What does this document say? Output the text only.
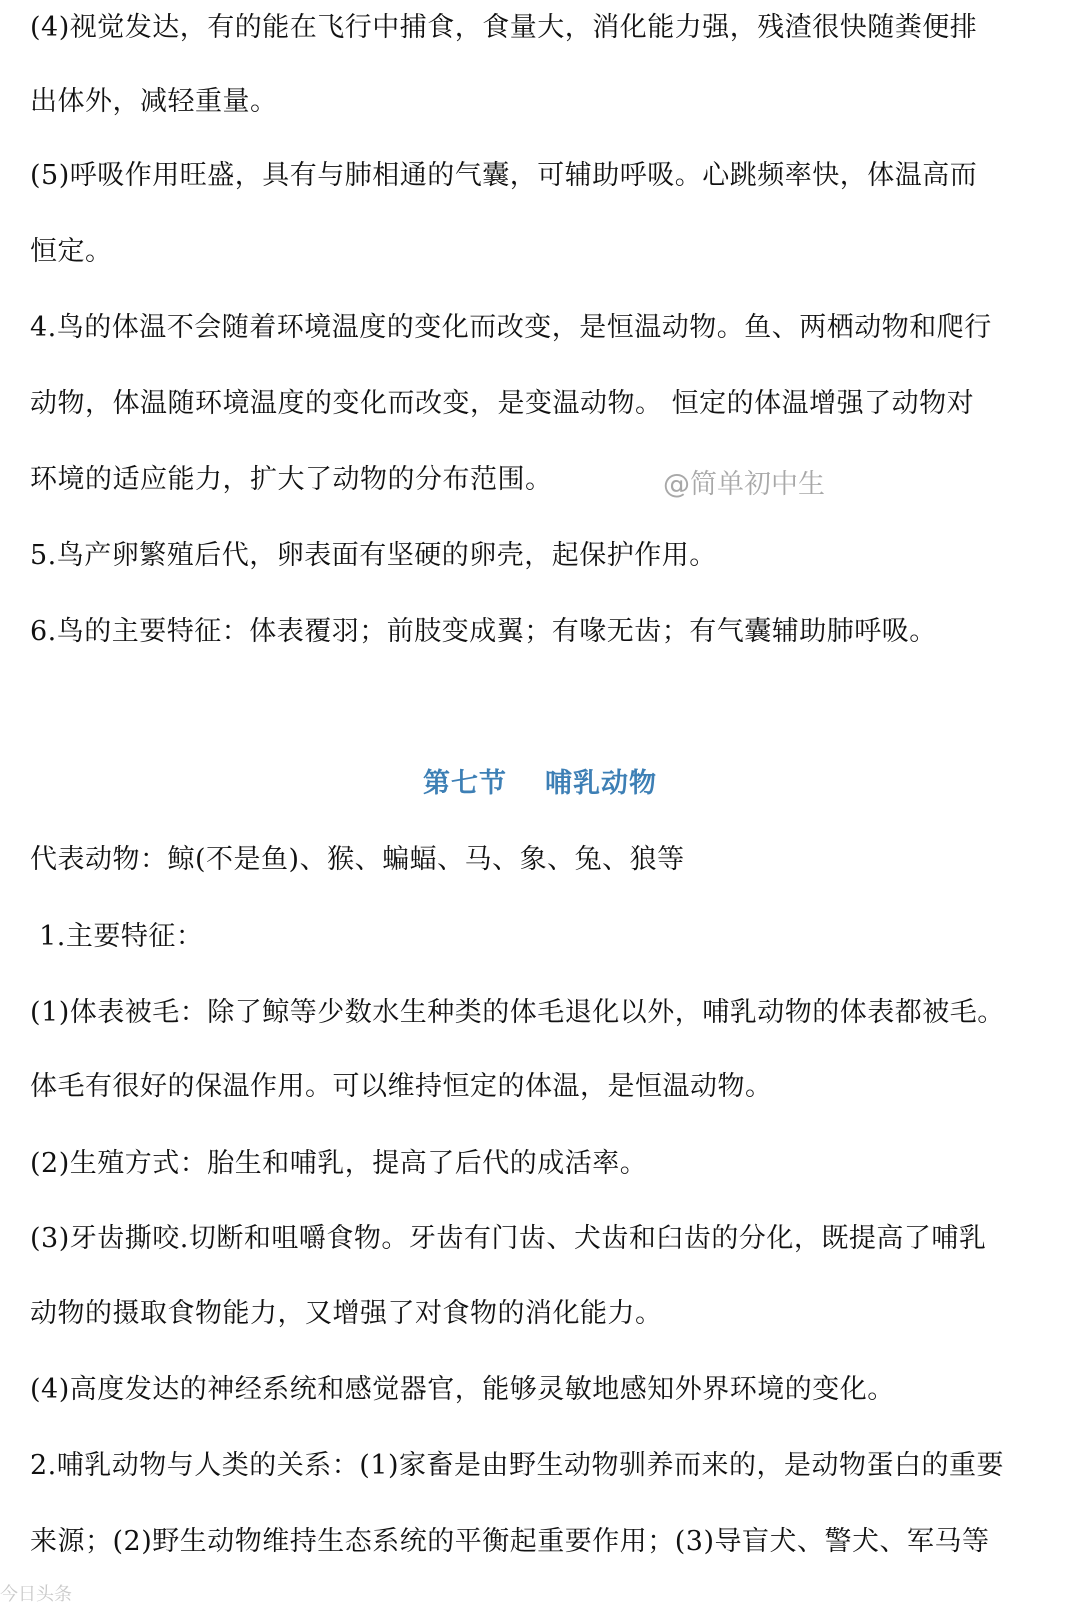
(4)视觉发达，有的能在飞行中捕食，食量大，消化能力强，残渣很快随粪便排
出体外，减轻重量。
(5)呼吸作用旺盛，具有与肺相通的气囊，可辅助呼吸。心跳频率快，体温高而
恒定。
4.鸟的体温不会随着环境温度的变化而改变，是恒温动物。鱼、两栖动物和爬行
动物，体温随环境温度的变化而改变，是变温动物。 恒定的体温增强了动物对
环境的适应能力，扩大了动物的分布范围。	@简单初中生
5.鸟产卵繁殖后代，卵表面有坚硬的卵壳，起保护作用。
6.鸟的主要特征：体表覆羽；前肢变成翼；有喙无齿；有气囊辅助肺呼吸。
第七节 哺乳动物
代表动物：鲸(不是鱼)、猴、蝙蝠、马、象、兔、狼等
1.主要特征：
(1)体表被毛：除了鲸等少数水生种类的体毛退化以外，哺乳动物的体表都被毛。
体毛有很好的保温作用。可以维持恒定的体温，是恒温动物。
(2)生殖方式：胎生和哺乳，提高了后代的成活率。
(3)牙齿撕咬.切断和咀嚼食物。牙齿有门齿、犬齿和臼齿的分化，既提高了哺乳
动物的摄取食物能力，又增强了对食物的消化能力。
(4)高度发达的神经系统和感觉器官，能够灵敏地感知外界环境的变化。
2.哺乳动物与人类的关系：(1)家畜是由野生动物驯养而来的，是动物蛋白的重要
来源；(2)野生动物维持生态系统的平衡起重要作用；(3)导盲犬、警犬、军马等
今日头条
